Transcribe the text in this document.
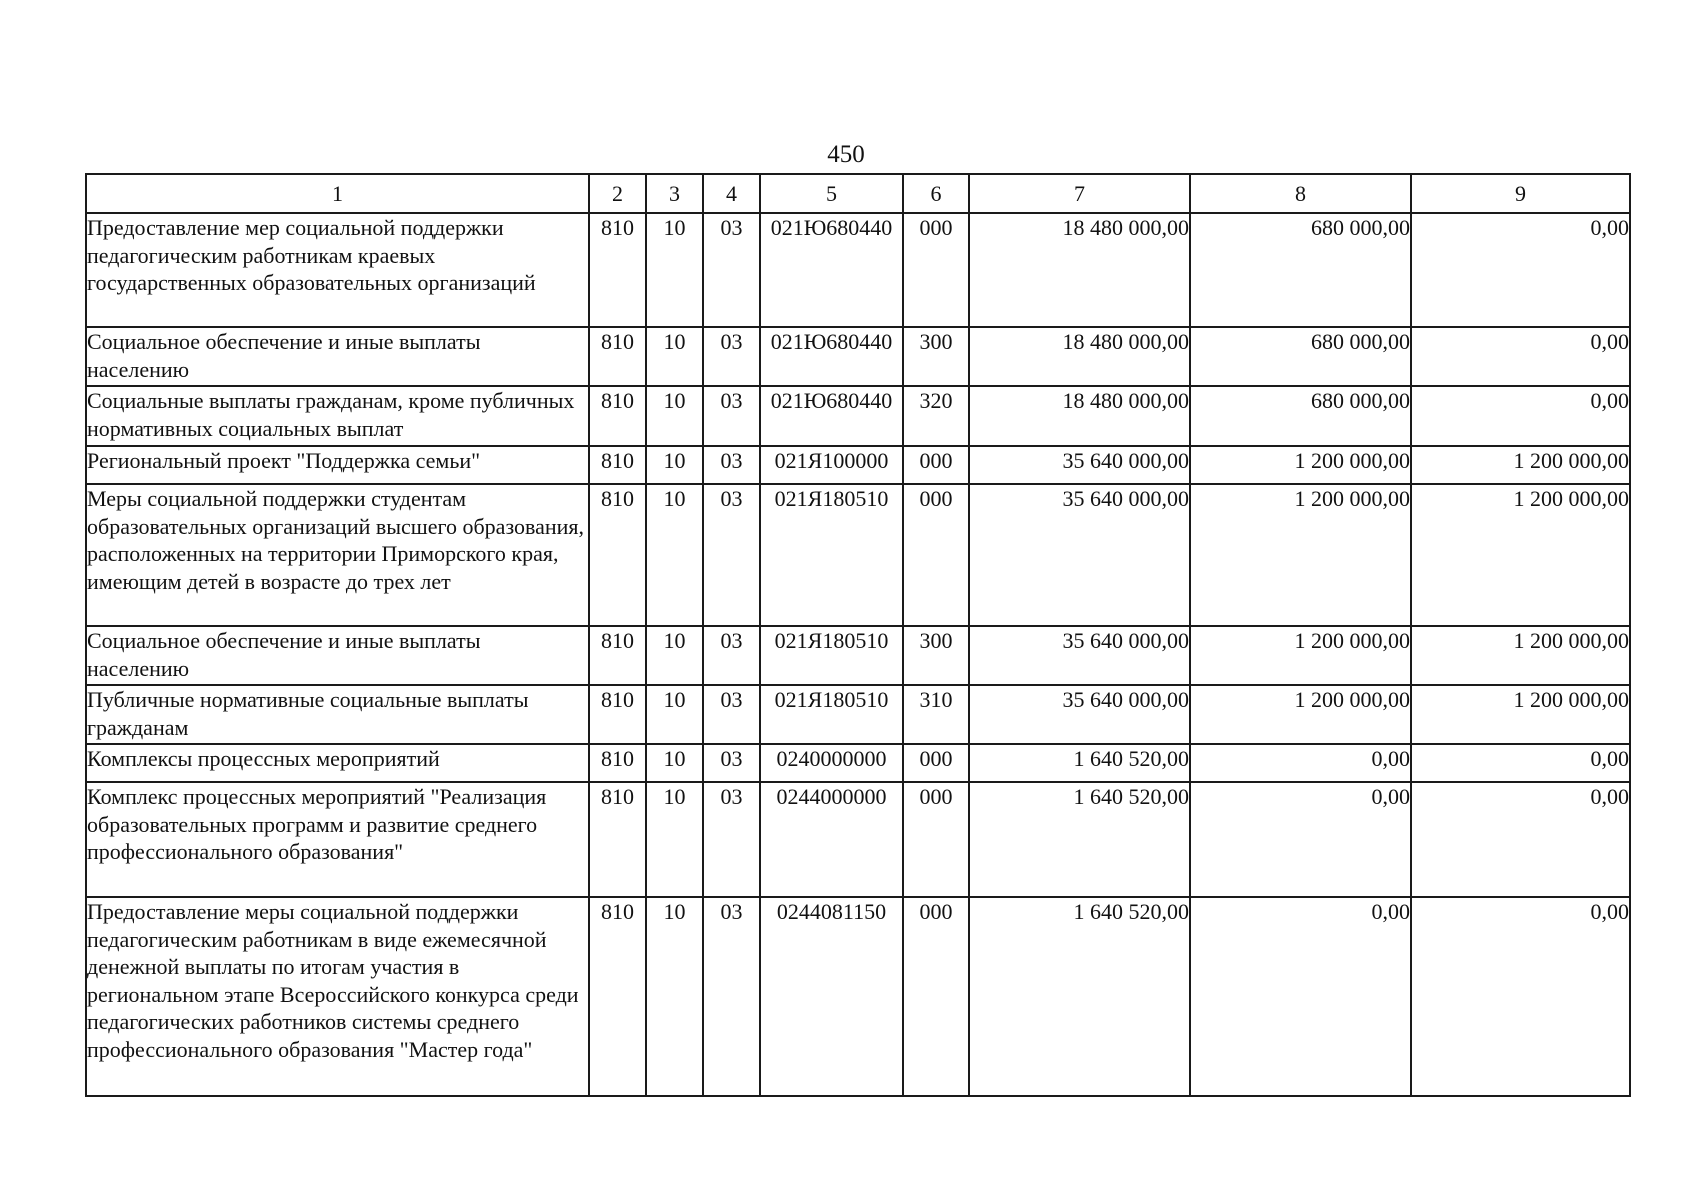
450
1	2	3	4	5	6	7	8	9
Предоставление мер социальной поддержки педагогическим работникам краевых государственных образовательных организаций	810	10	03	021Ю680440	000	18 480 000,00	680 000,00	0,00
Социальное обеспечение и иные выплаты населению	810	10	03	021Ю680440	300	18 480 000,00	680 000,00	0,00
Социальные выплаты гражданам, кроме публичных нормативных социальных выплат	810	10	03	021Ю680440	320	18 480 000,00	680 000,00	0,00
Региональный проект "Поддержка семьи"	810	10	03	021Я100000	000	35 640 000,00	1 200 000,00	1 200 000,00
Меры социальной поддержки студентам образовательных организаций высшего образования, расположенных на территории Приморского края, имеющим детей в возрасте до трех лет	810	10	03	021Я180510	000	35 640 000,00	1 200 000,00	1 200 000,00
Социальное обеспечение и иные выплаты населению	810	10	03	021Я180510	300	35 640 000,00	1 200 000,00	1 200 000,00
Публичные нормативные социальные выплаты гражданам	810	10	03	021Я180510	310	35 640 000,00	1 200 000,00	1 200 000,00
Комплексы процессных мероприятий	810	10	03	0240000000	000	1 640 520,00	0,00	0,00
Комплекс процессных мероприятий "Реализация образовательных программ и развитие среднего профессионального образования"	810	10	03	0244000000	000	1 640 520,00	0,00	0,00
Предоставление меры социальной поддержки педагогическим работникам в виде ежемесячной денежной выплаты по итогам участия в региональном этапе Всероссийского конкурса среди педагогических работников системы среднего профессионального образования "Мастер года"	810	10	03	0244081150	000	1 640 520,00	0,00	0,00
